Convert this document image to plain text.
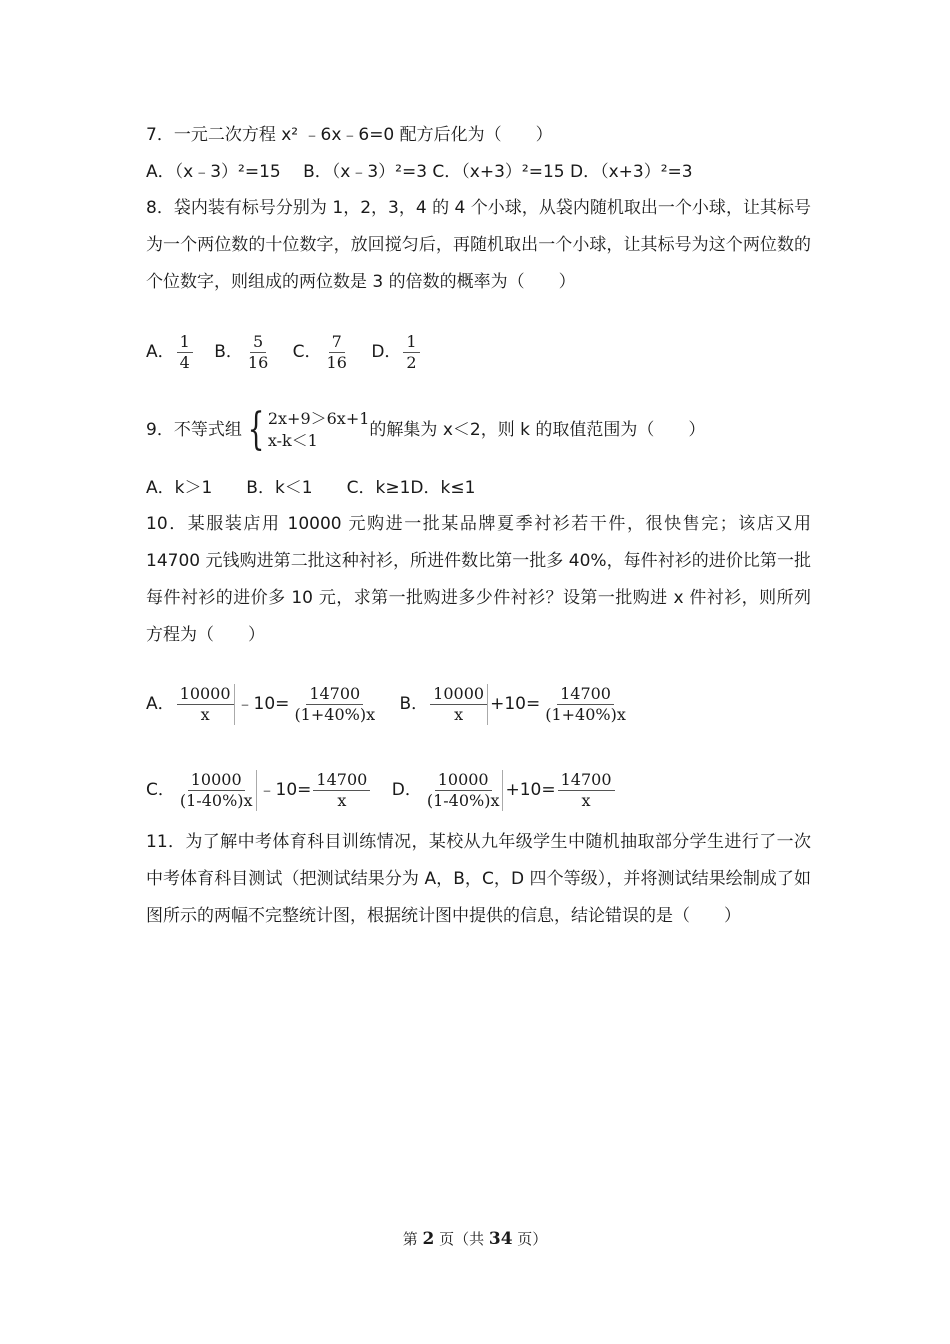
7．一元二次方程 x² ﹣6x﹣6=0 配方后化为（　　）
A．（x﹣3）²=15　 B．（x﹣3）²=3 C．（x+3）²=15 D．（x+3）²=3
8．袋内装有标号分别为 1，2，3，4 的 4 个小球，从袋内随机取出一个小球，让其标号为一个两位数的十位数字，放回搅匀后，再随机取出一个小球，让其标号为这个两位数的个位数字，则组成的两位数是 3 的倍数的概率为（　　）
A． $\frac{1}{4}$ B． $\frac{5}{16}$ C． $\frac{7}{16}$ D． $\frac{1}{2}$
9．不等式组 { 2x+9＞6x+1
x-k＜1
的解集为 x＜2，则 k 的取值范围为（　　）
A．k＞1　　B．k＜1　　C．k≥1D．k≤1
10．某服装店用 10000 元购进一批某品牌夏季衬衫若干件，很快售完；该店又用 14700 元钱购进第二批这种衬衫，所进件数比第一批多 40%，每件衬衫的进价比第一批每件衬衫的进价多 10 元，求第一批购进多少件衬衫？设第一批购进 x 件衬衫，则所列方程为（　　）
A． $\frac{10000}{x}$ ﹣10= $\frac{14700}{(1+40\%)x}$ B． $\frac{10000}{x} +10= \frac{14700}{(1+40\%)x}$
C． $\frac{10000}{(1-40\%)x}$ ﹣10= $\frac{14700}{x}$ D． $\frac{10000}{(1-40\%)x} +10= \frac{14700}{x}$
11．为了解中考体育科目训练情况，某校从九年级学生中随机抽取部分学生进行了一次中考体育科目测试（把测试结果分为 A，B，C，D 四个等级），并将测试结果绘制成了如图所示的两幅不完整统计图，根据统计图中提供的信息，结论错误的是（　　）
第 2 页（共 34 页）
